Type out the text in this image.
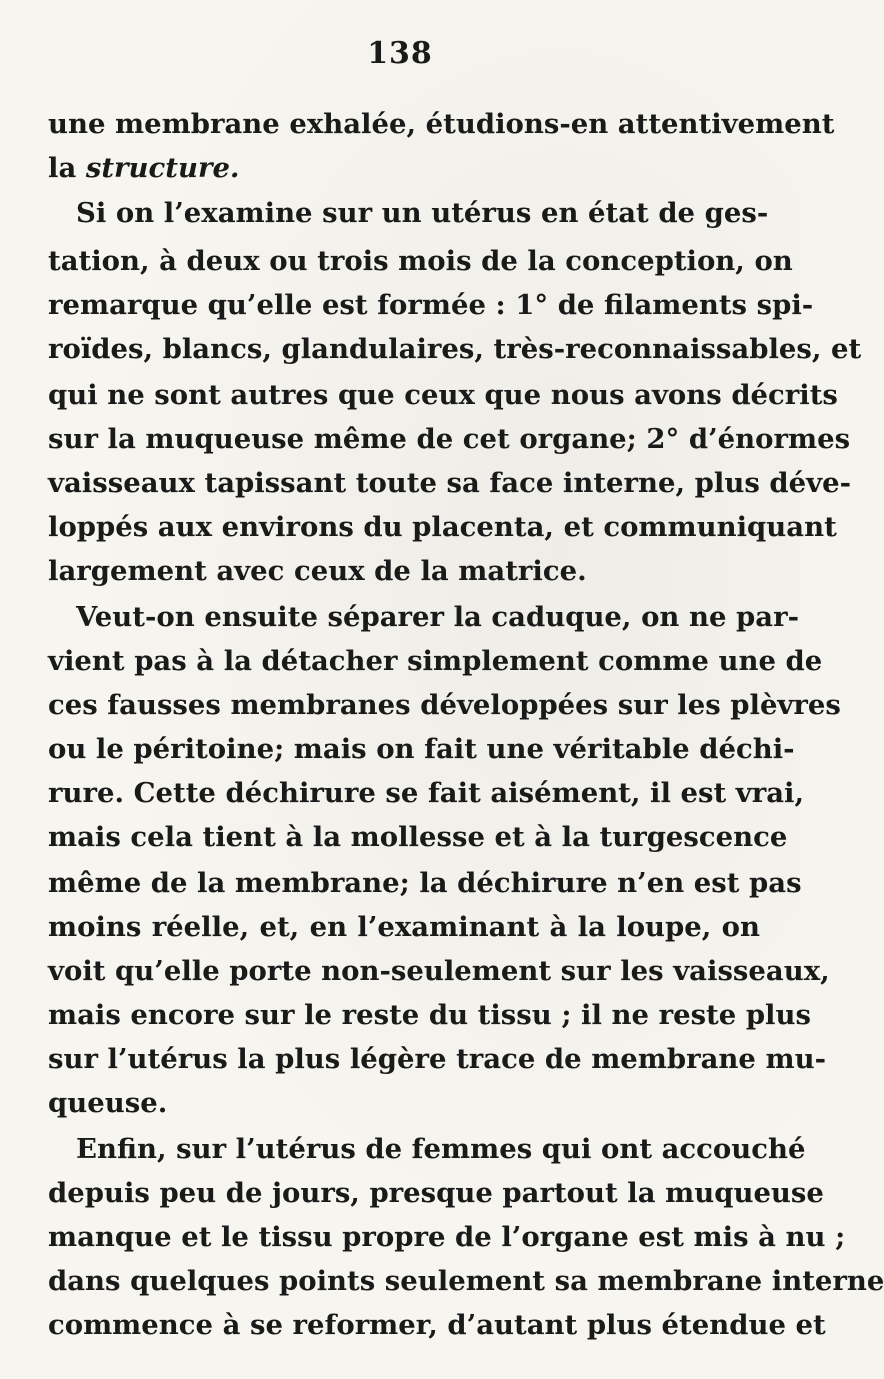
138
une membrane exhalée, étudions-en attentivement
la structure.
Si on l’examine sur un utérus en état de ges-
tation, à deux ou trois mois de la conception, on
remarque qu’elle est formée : 1° de filaments spi-
roïdes, blancs, glandulaires, très-reconnaissables, et
qui ne sont autres que ceux que nous avons décrits
sur la muqueuse même de cet organe; 2° d’énormes
vaisseaux tapissant toute sa face interne, plus déve-
loppés aux environs du placenta, et communiquant
largement avec ceux de la matrice.
Veut-on ensuite séparer la caduque, on ne par-
vient pas à la détacher simplement comme une de
ces fausses membranes développées sur les plèvres
ou le péritoine; mais on fait une véritable déchi-
rure. Cette déchirure se fait aisément, il est vrai,
mais cela tient à la mollesse et à la turgescence
même de la membrane; la déchirure n’en est pas
moins réelle, et, en l’examinant à la loupe, on
voit qu’elle porte non-seulement sur les vaisseaux,
mais encore sur le reste du tissu ; il ne reste plus
sur l’utérus la plus légère trace de membrane mu-
queuse.
Enfin, sur l’utérus de femmes qui ont accouché
depuis peu de jours, presque partout la muqueuse
manque et le tissu propre de l’organe est mis à nu ;
dans quelques points seulement sa membrane interne
commence à se reformer, d’autant plus étendue et
